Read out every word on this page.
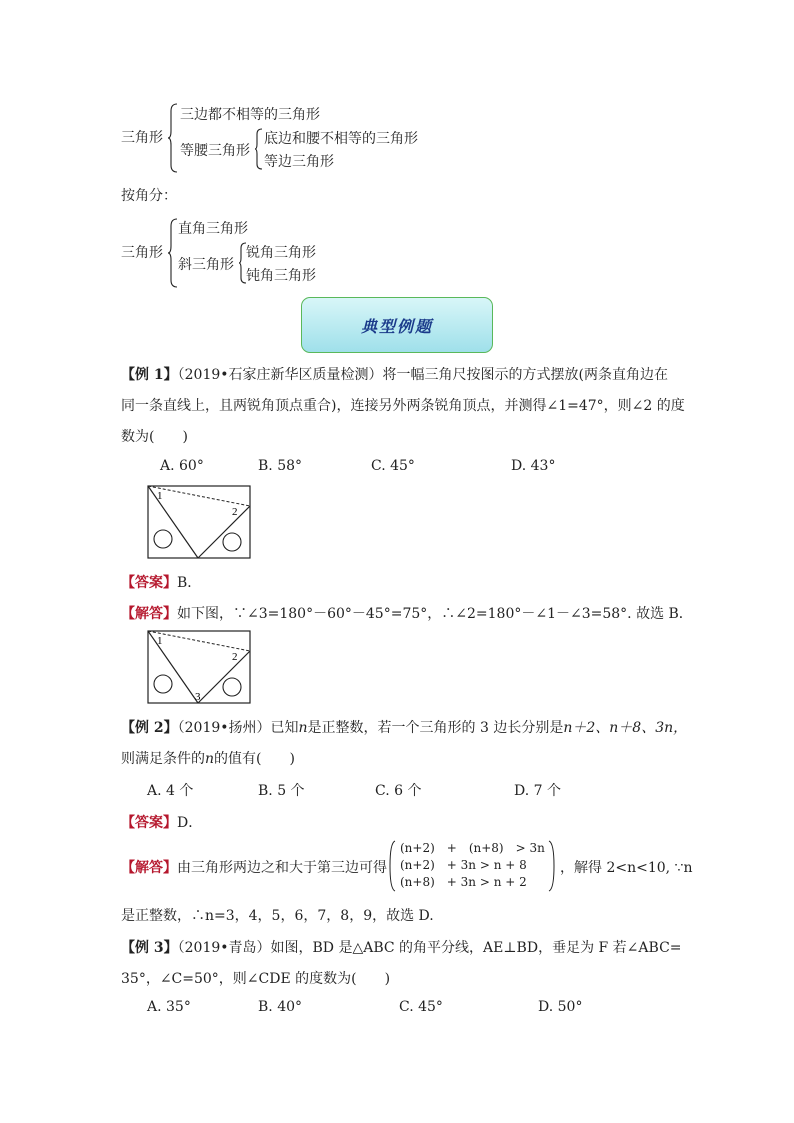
三角形
三边都不相等的三角形
等腰三角形
底边和腰不相等的三角形
等边三角形
按角分：
三角形
直角三角形
斜三角形
锐角三角形
钝角三角形
典型例题
【例 1】（2019•石家庄新华区质量检测）将一幅三角尺按图示的方式摆放(两条直角边在
同一条直线上，且两锐角顶点重合)，连接另外两条锐角顶点，并测得∠1=47°，则∠2 的度
数为(　　)
A. 60°	B. 58°	C. 45°	D. 43°
1
2
【答案】B．
【解答】如下图，∵∠3=180°－60°－45°=75°，∴∠2=180°－∠1－∠3=58°. 故选 B．
1
2
3
【例 2】（2019•扬州）已知n是正整数，若一个三角形的 3 边长分别是n＋2、n＋8、3n，
则满足条件的n的值有(　　)
A. 4 个	B. 5 个	C. 6 个	D. 7 个
【答案】D．
【解答】由三角形两边之和大于第三边可得
(n+2)　+　(n+8)　> 3n
(n+2)　+ 3n > n + 8
(n+8)　+ 3n > n + 2
，解得 2<n<10, ∵n
是正整数，∴n=3，4，5，6，7，8，9，故选 D.
【例 3】（2019•青岛）如图，BD 是△ABC 的角平分线，AE⊥BD，垂足为 F 若∠ABC=
35°，∠C=50°，则∠CDE 的度数为(　　)
A. 35°	B. 40°	C. 45°	D. 50°
